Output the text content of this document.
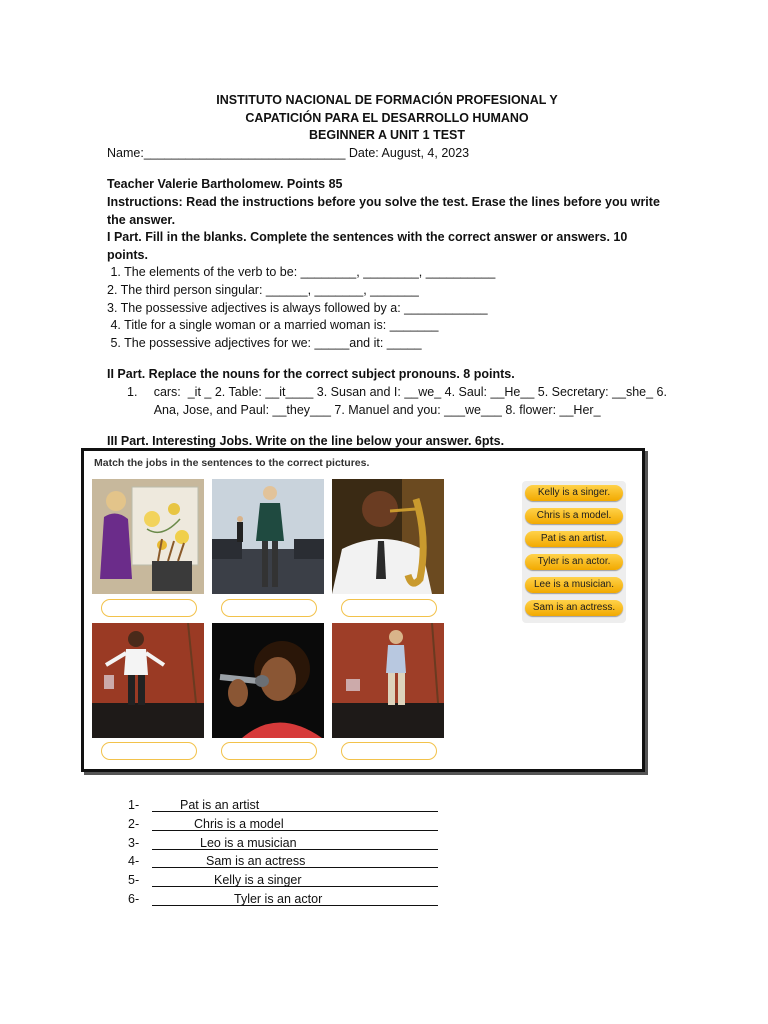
INSTITUTO NACIONAL DE FORMACIÓN PROFESIONAL Y
CAPATICIÓN PARA EL DESARROLLO HUMANO
BEGINNER A UNIT 1 TEST
Name:_____________________________ Date: August, 4, 2023
Teacher Valerie Bartholomew. Points 85
Instructions: Read the instructions before you solve the test. Erase the lines before you write the answer.
I Part. Fill in the blanks. Complete the sentences with the correct answer or answers. 10 points.
1. The elements of the verb to be: ________, ________, __________
2. The third person singular: ______, _______, _______
3. The possessive adjectives is always followed by a: ____________
4. Title for a single woman or a married woman is: _______
5. The possessive adjectives for we: _____and it: _____
II Part. Replace the nouns for the correct subject pronouns. 8 points.
1.	cars:  _it _ 2. Table: __it____ 3. Susan and I: __we_ 4. Saul: __He__ 5. Secretary: __she_ 6.
Ana, Jose, and Paul: __they___ 7. Manuel and you: ___we___ 8. flower: __Her_
III Part. Interesting Jobs. Write on the line below your answer. 6pts.
Match the jobs in the sentences to the correct pictures.
Kelly is a singer.
Chris is a model.
Pat is an artist.
Tyler is an actor.
Lee is a musician.
Sam is an actress.
1-	Pat is an artist
2-	Chris is a model
3-	Leo is a musician
4-	Sam is an actress
5-	Kelly is a singer
6-	Tyler is an actor
